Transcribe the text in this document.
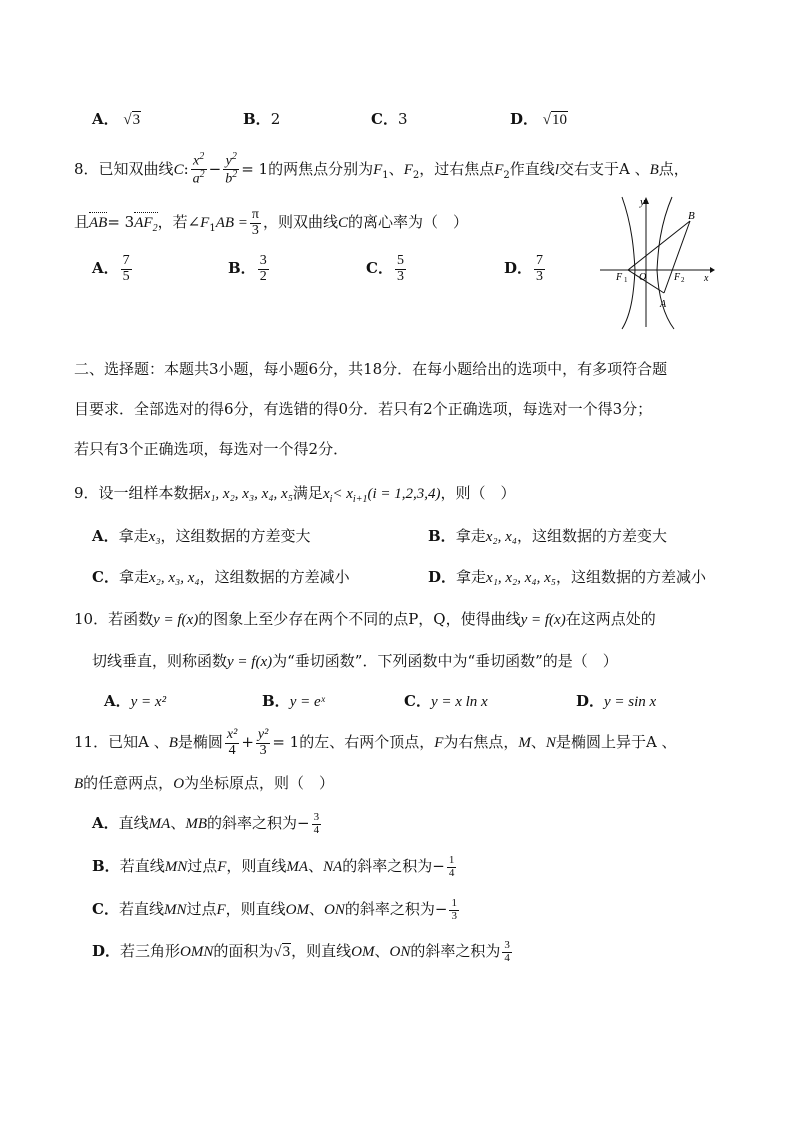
A． √3	B．2	C．3	D． √10
8．已知双曲线C: $\frac{x^2}{a^2} - \frac{y^2}{b^2} = 1$的两焦点分别为$F_1$、$F_2$，过右焦点$F_2$作直线l交右支于A 、B点，
且$AB= 3AF_2$，若$\angle F_1AB = \frac{\pi}{3}$ ，则双曲线C的离心率为（　）
A． $\frac{7}{5}$	B． $\frac{3}{2}$	C． $\frac{5}{3}$	D． $\frac{7}{3}$
y
B
F 1 O	F 2 x
A
二、选择题：本题共3小题，每小题6分，共18分．在每小题给出的选项中，有多项符合题
目要求．全部选对的得6分，有选错的得0分．若只有2个正确选项，每选对一个得3分；
若只有3个正确选项，每选对一个得2分．
9．设一组样本数据x₁, x₂, x₃, x₄, x₅满足$x_i< x_{i+1}(i = 1,2,3,4)$，则（　）
A．拿走x₃，这组数据的方差变大	B．拿走x₂, x₄，这组数据的方差变大
C．拿走x₂, x₃, x₄，这组数据的方差减小	D．拿走x₁, x₂, x₄, x₅，这组数据的方差减小
10．若函数y = f(x)的图象上至少存在两个不同的点P，Q，使得曲线y = f(x)在这两点处的
切线垂直，则称函数y = f(x)为“垂切函数”．下列函数中为“垂切函数”的是（　）
A．y = x²	B．y = eˣ	C．y = x ln x	D．y = sin x
11．已知A 、B是椭圆 $\frac{\text{x²}}{4} + \frac{\text{y²}}{3} = 1$的左、右两个顶点，F为右焦点，M、N是椭圆上异于A 、
B的任意两点，O为坐标原点，则（　）
A．直线MA、MB的斜率之积为− $\frac{3}{4}$
B．若直线MN过点F，则直线MA、NA的斜率之积为− $\frac{1}{4}$
C．若直线MN过点F，则直线OM、ON的斜率之积为− $\frac{1}{3}$
D．若三角形OMN的面积为√3，则直线OM、ON的斜率之积为 $\frac{3}{4}$
